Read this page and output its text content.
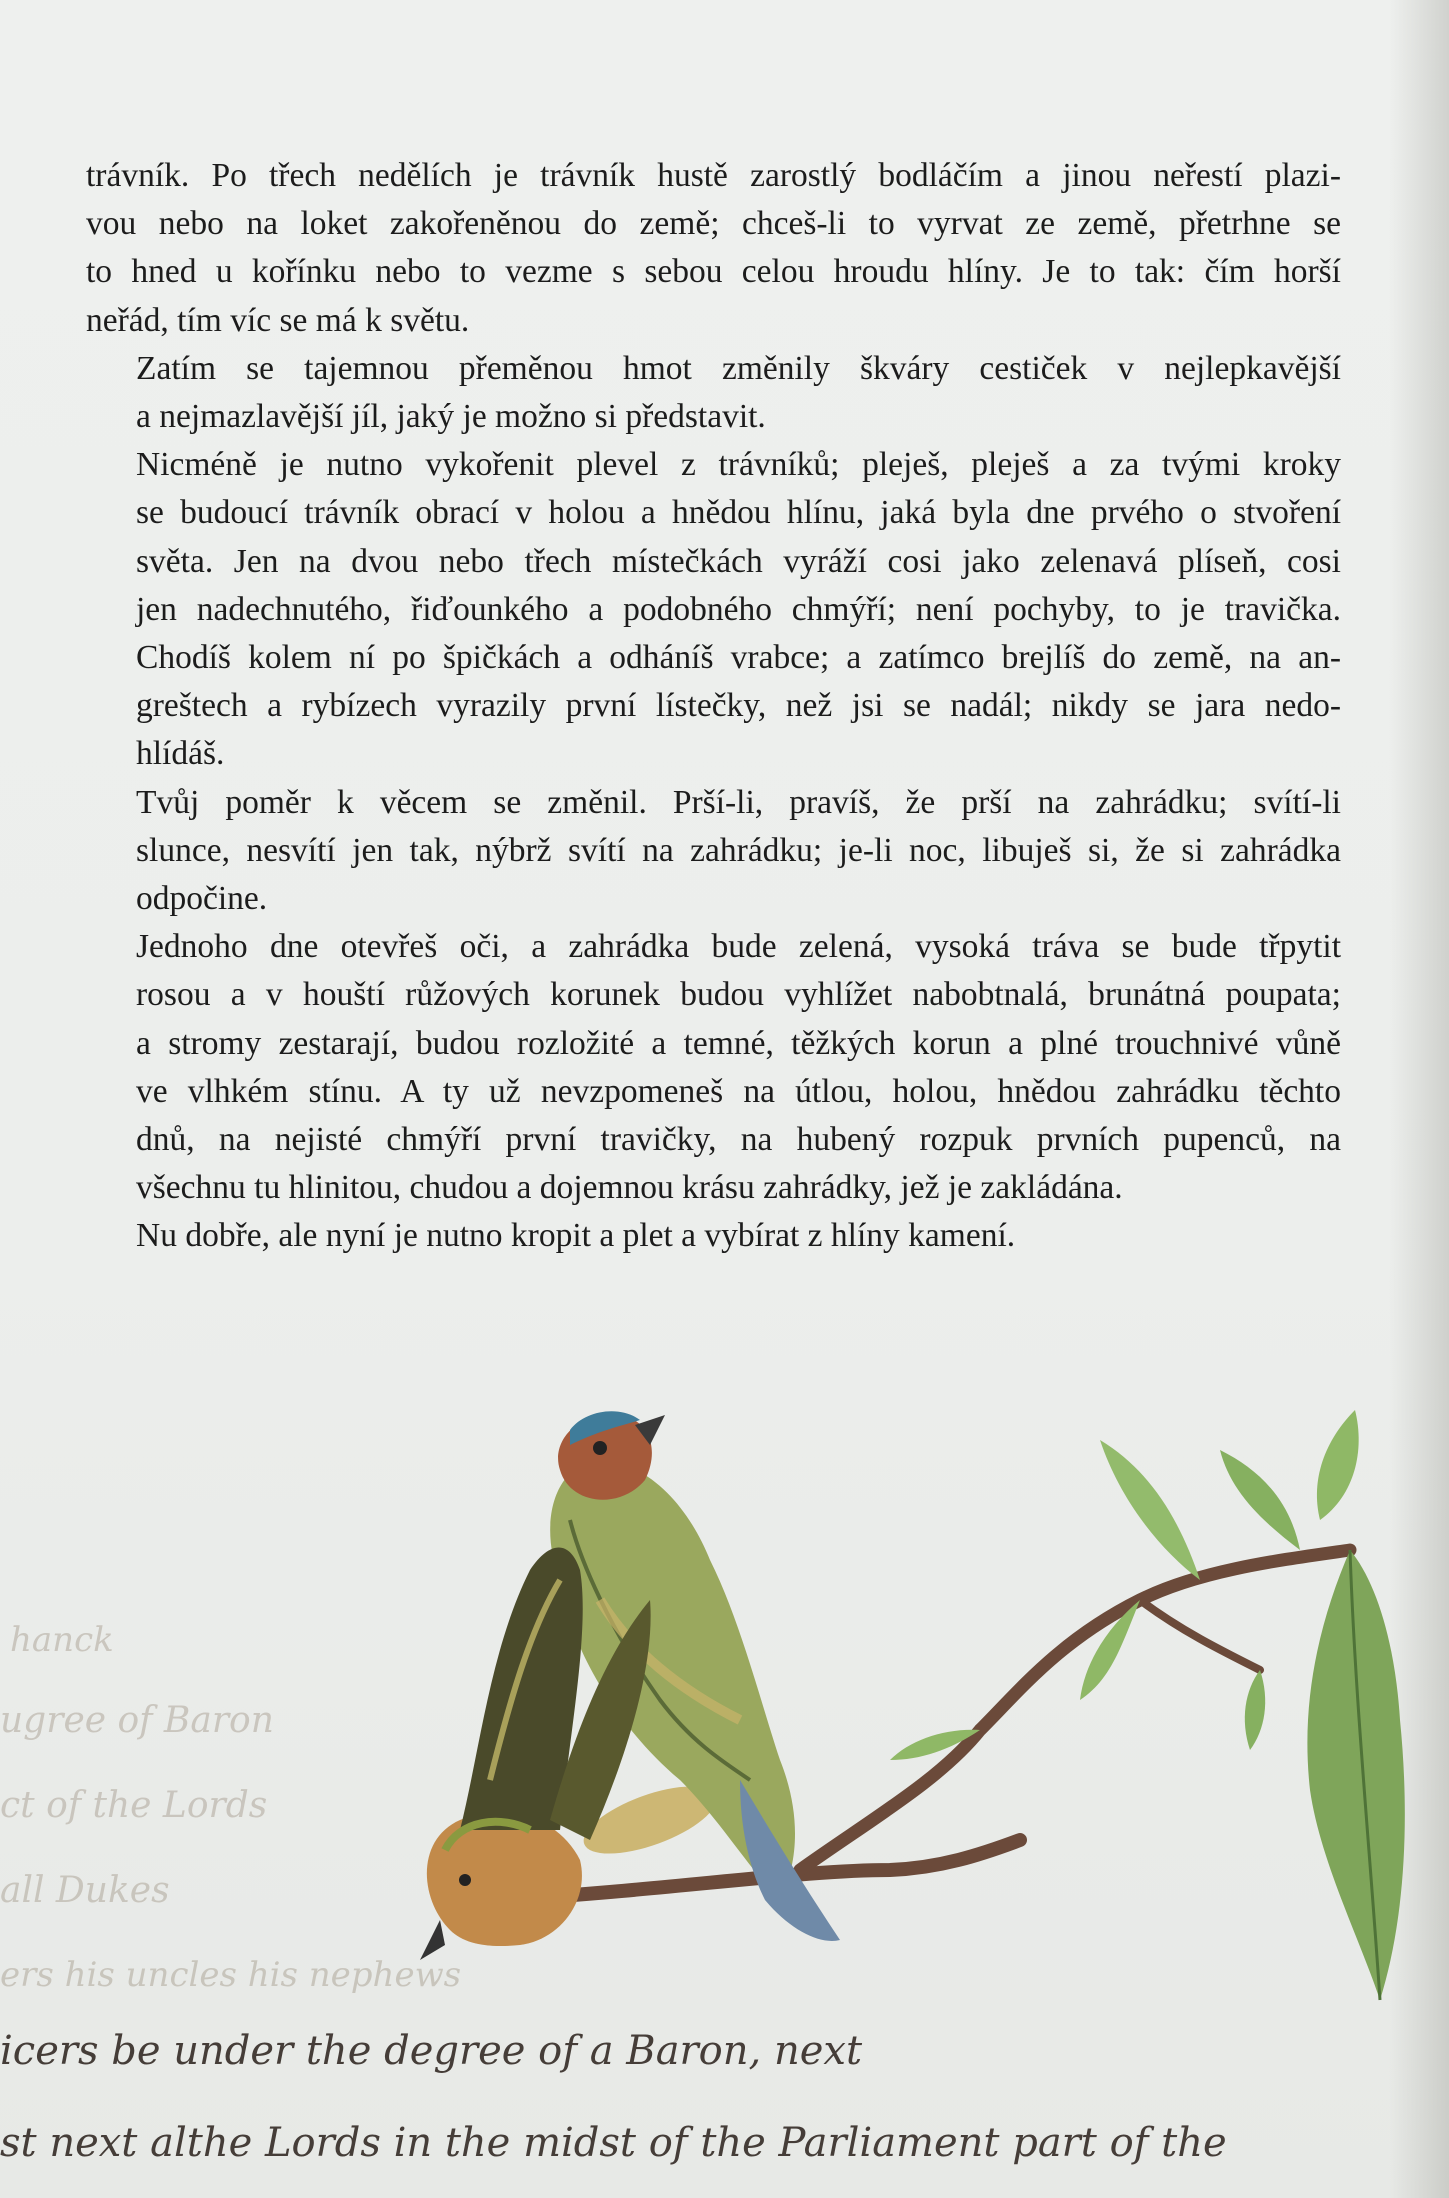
trávník. Po třech nedělích je trávník hustě zarostlý bodláčím a jinou neřestí plazi-
vou nebo na loket zakořeněnou do země; chceš-li to vyrvat ze země, přetrhne se
to hned u kořínku nebo to vezme s sebou celou hroudu hlíny. Je to tak: čím horší
neřád, tím víc se má k světu.

Zatím se tajemnou přeměnou hmot změnily škváry cestiček v nejlepkavější
a nejmazlavější jíl, jaký je možno si představit.

Nicméně je nutno vykořenit plevel z trávníků; pleješ, pleješ a za tvými kroky
se budoucí trávník obrací v holou a hnědou hlínu, jaká byla dne prvého o stvoření
světa. Jen na dvou nebo třech místečkách vyráží cosi jako zelenavá plíseň, cosi
jen nadechnutého, řiďounkého a podobného chmýří; není pochyby, to je travička.
Chodíš kolem ní po špičkách a odháníš vrabce; a zatímco brejlíš do země, na an-
greštech a rybízech vyrazily první lístečky, než jsi se nadál; nikdy se jara nedo-
hlídáš.

Tvůj poměr k věcem se změnil. Prší-li, pravíš, že prší na zahrádku; svítí-li
slunce, nesvítí jen tak, nýbrž svítí na zahrádku; je-li noc, libuješ si, že si zahrádka
odpočine.

Jednoho dne otevřeš oči, a zahrádka bude zelená, vysoká tráva se bude třpytit
rosou a v houští růžových korunek budou vyhlížet nabobtnalá, brunátná poupata;
a stromy zestarají, budou rozložité a temné, těžkých korun a plné trouchnivé vůně
ve vlhkém stínu. A ty už nevzpomeneš na útlou, holou, hnědou zahrádku těchto
dnů, na nejisté chmýří první travičky, na hubený rozpuk prvních pupenců, na
všechnu tu hlinitou, chudou a dojemnou krásu zahrádky, jež je zakládána.

Nu dobře, ale nyní je nutno kropit a plet a vybírat z hlíny kamení.

hanck
ugree of Baron
ct of the Lords
all Dukes
ers his uncles his nephews
icers be under the degree of a Baron, next
st next althe Lords in the midst of the Parliament part of the
